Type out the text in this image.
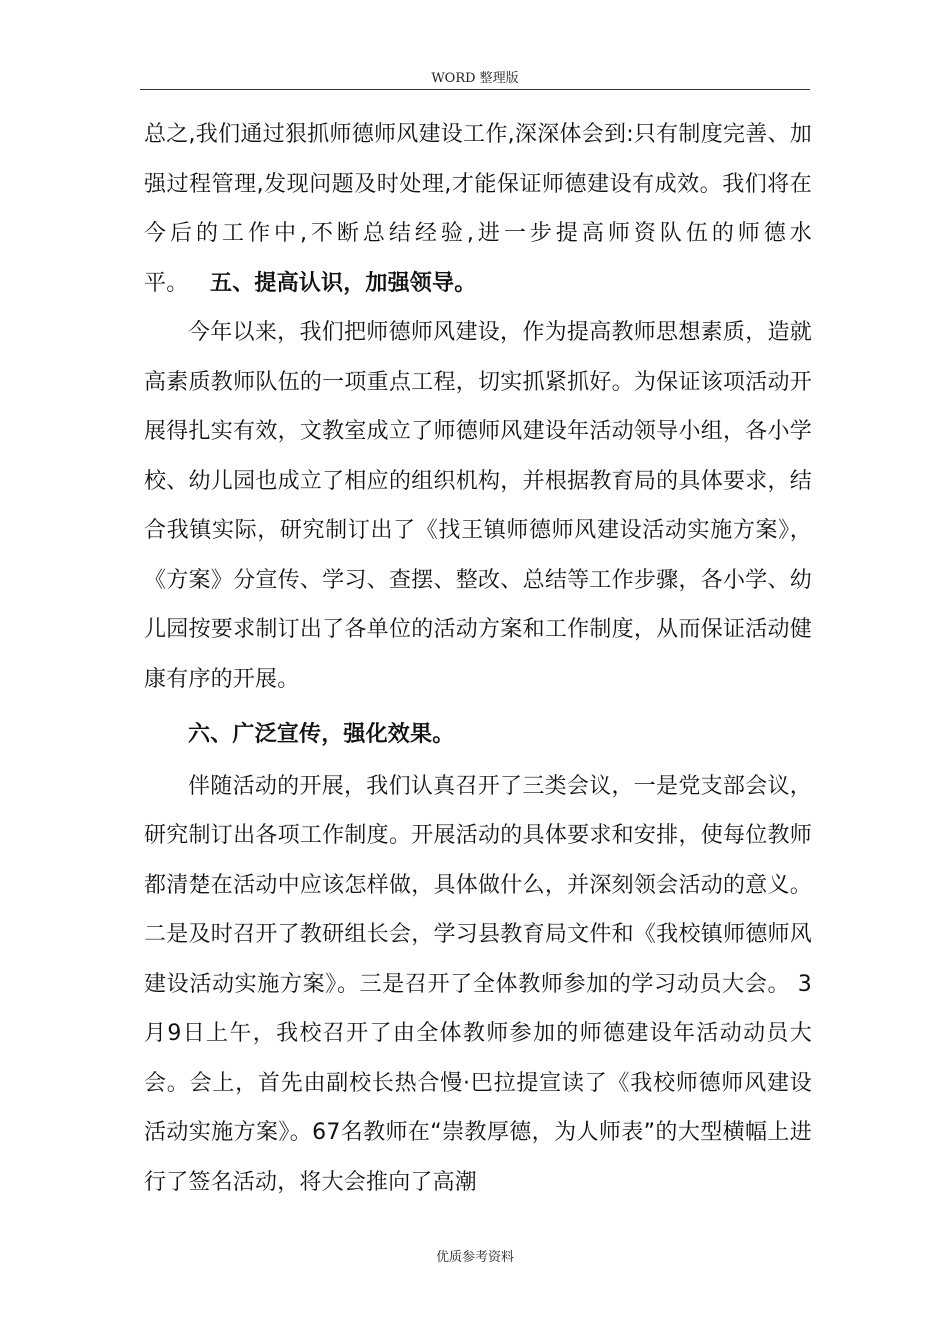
WORD 整理版

总之,我们通过狠抓师德师风建设工作,深深体会到:只有制度完善、加强过程管理,发现问题及时处理,才能保证师德建设有成效。我们将在今后的工作中,不断总结经验,进一步提高师资队伍的师德水平。 五、提高认识，加强领导。

今年以来，我们把师德师风建设，作为提高教师思想素质，造就高素质教师队伍的一项重点工程，切实抓紧抓好。为保证该项活动开展得扎实有效，文教室成立了师德师风建设年活动领导小组，各小学校、幼儿园也成立了相应的组织机构，并根据教育局的具体要求，结合我镇实际，研究制订出了《找王镇师德师风建设活动实施方案》，《方案》分宣传、学习、查摆、整改、总结等工作步骤，各小学、幼儿园按要求制订出了各单位的活动方案和工作制度，从而保证活动健康有序的开展。

六、广泛宣传，强化效果。

伴随活动的开展，我们认真召开了三类会议，一是党支部会议，研究制订出各项工作制度。开展活动的具体要求和安排，使每位教师都清楚在活动中应该怎样做，具体做什么，并深刻领会活动的意义。二是及时召开了教研组长会，学习县教育局文件和《我校镇师德师风建设活动实施方案》。三是召开了全体教师参加的学习动员大会。 3月9日上午，我校召开了由全体教师参加的师德建设年活动动员大会。会上，首先由副校长热合慢·巴拉提宣读了《我校师德师风建设活动实施方案》。67名教师在“崇教厚德，为人师表”的大型横幅上进行了签名活动，将大会推向了高潮

优质参考资料
